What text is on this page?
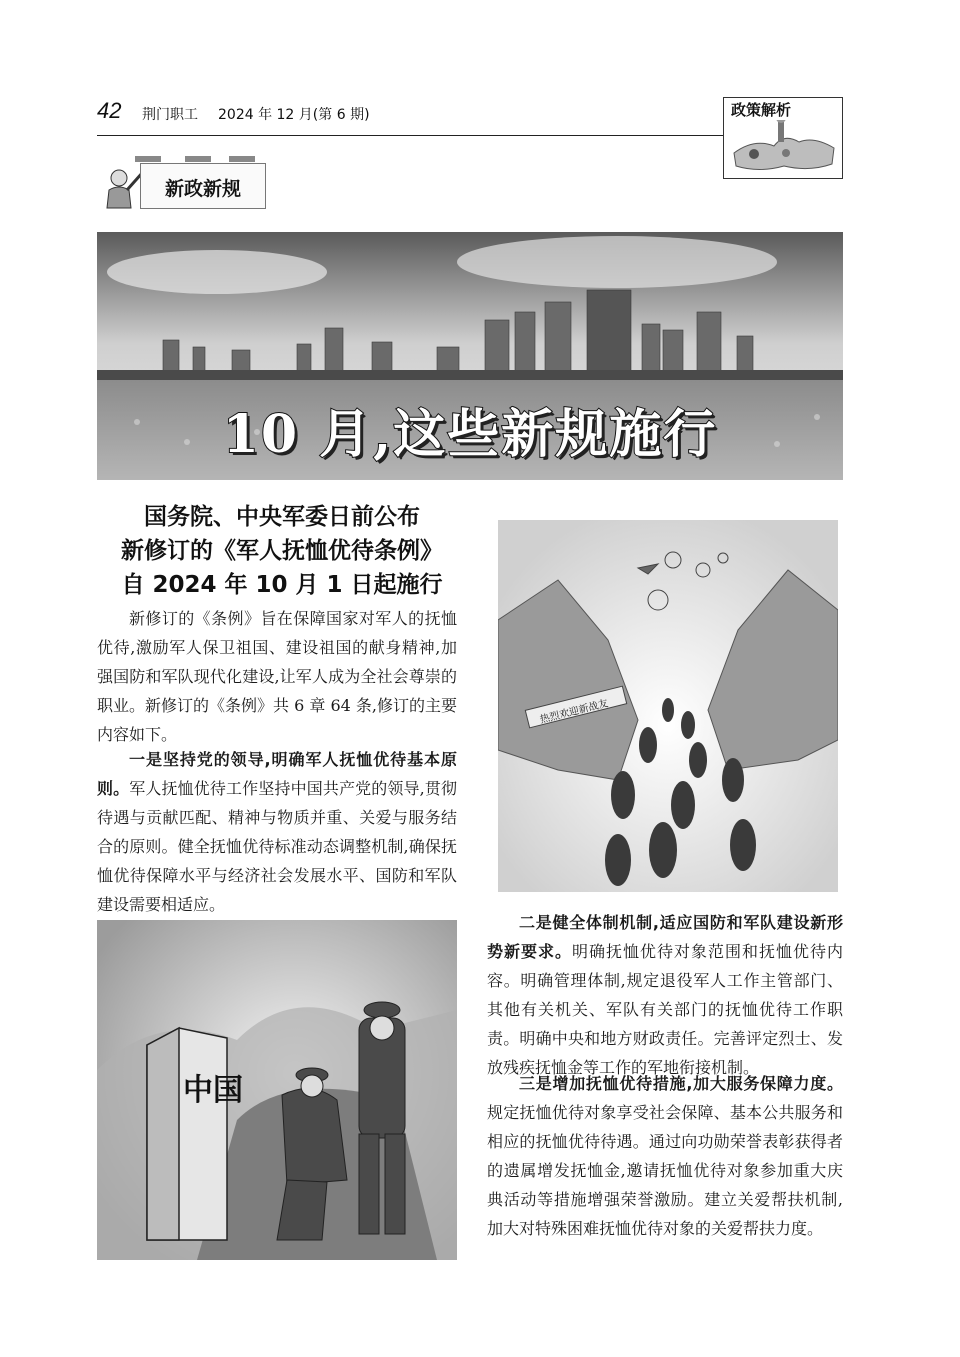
42 荆门职工 2024 年 12 月(第 6 期)	政策解析
新政新规
10 月,这些新规施行
国务院、中央军委日前公布
新修订的《军人抚恤优待条例》
自 2024 年 10 月 1 日起施行
新修订的《条例》旨在保障国家对军人的抚恤优待,激励军人保卫祖国、建设祖国的献身精神,加强国防和军队现代化建设,让军人成为全社会尊崇的职业。新修订的《条例》共 6 章 64 条,修订的主要内容如下。
一是坚持党的领导,明确军人抚恤优待基本原则。军人抚恤优待工作坚持中国共产党的领导,贯彻待遇与贡献匹配、精神与物质并重、关爱与服务结合的原则。健全抚恤优待标准动态调整机制,确保抚恤优待保障水平与经济社会发展水平、国防和军队建设需要相适应。
热烈欢迎新战友
中国
二是健全体制机制,适应国防和军队建设新形势新要求。明确抚恤优待对象范围和抚恤优待内容。明确管理体制,规定退役军人工作主管部门、其他有关机关、军队有关部门的抚恤优待工作职责。明确中央和地方财政责任。完善评定烈士、发放残疾抚恤金等工作的军地衔接机制。
三是增加抚恤优待措施,加大服务保障力度。规定抚恤优待对象享受社会保障、基本公共服务和相应的抚恤优待待遇。通过向功勋荣誉表彰获得者的遗属增发抚恤金,邀请抚恤优待对象参加重大庆典活动等措施增强荣誉激励。建立关爱帮扶机制,加大对特殊困难抚恤优待对象的关爱帮扶力度。
